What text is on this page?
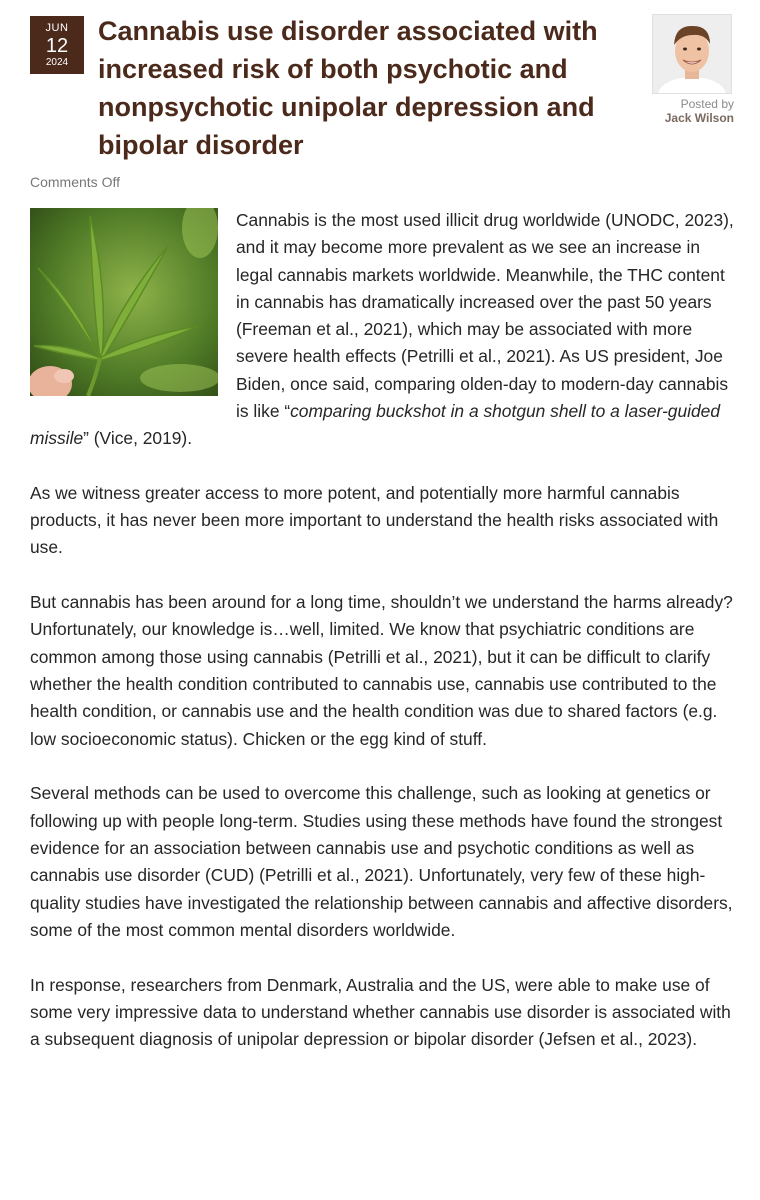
JUN
12
2024
Cannabis use disorder associated with increased risk of both psychotic and nonpsychotic unipolar depression and bipolar disorder
Posted by
Jack Wilson
Comments Off

Cannabis is the most used illicit drug worldwide (UNODC, 2023), and it may become more prevalent as we see an increase in legal cannabis markets worldwide. Meanwhile, the THC content in cannabis has dramatically increased over the past 50 years (Freeman et al., 2021), which may be associated with more severe health effects (Petrilli et al., 2021). As US president, Joe Biden, once said, comparing olden-day to modern-day cannabis is like “comparing buckshot in a shotgun shell to a laser-guided missile” (Vice, 2019).

As we witness greater access to more potent, and potentially more harmful cannabis products, it has never been more important to understand the health risks associated with use.

But cannabis has been around for a long time, shouldn’t we understand the harms already? Unfortunately, our knowledge is…well, limited. We know that psychiatric conditions are common among those using cannabis (Petrilli et al., 2021), but it can be difficult to clarify whether the health condition contributed to cannabis use, cannabis use contributed to the health condition, or cannabis use and the health condition was due to shared factors (e.g. low socioeconomic status). Chicken or the egg kind of stuff.

Several methods can be used to overcome this challenge, such as looking at genetics or following up with people long-term. Studies using these methods have found the strongest evidence for an association between cannabis use and psychotic conditions as well as cannabis use disorder (CUD) (Petrilli et al., 2021). Unfortunately, very few of these high-quality studies have investigated the relationship between cannabis and affective disorders, some of the most common mental disorders worldwide.

In response, researchers from Denmark, Australia and the US, were able to make use of some very impressive data to understand whether cannabis use disorder is associated with a subsequent diagnosis of unipolar depression or bipolar disorder (Jefsen et al., 2023).
